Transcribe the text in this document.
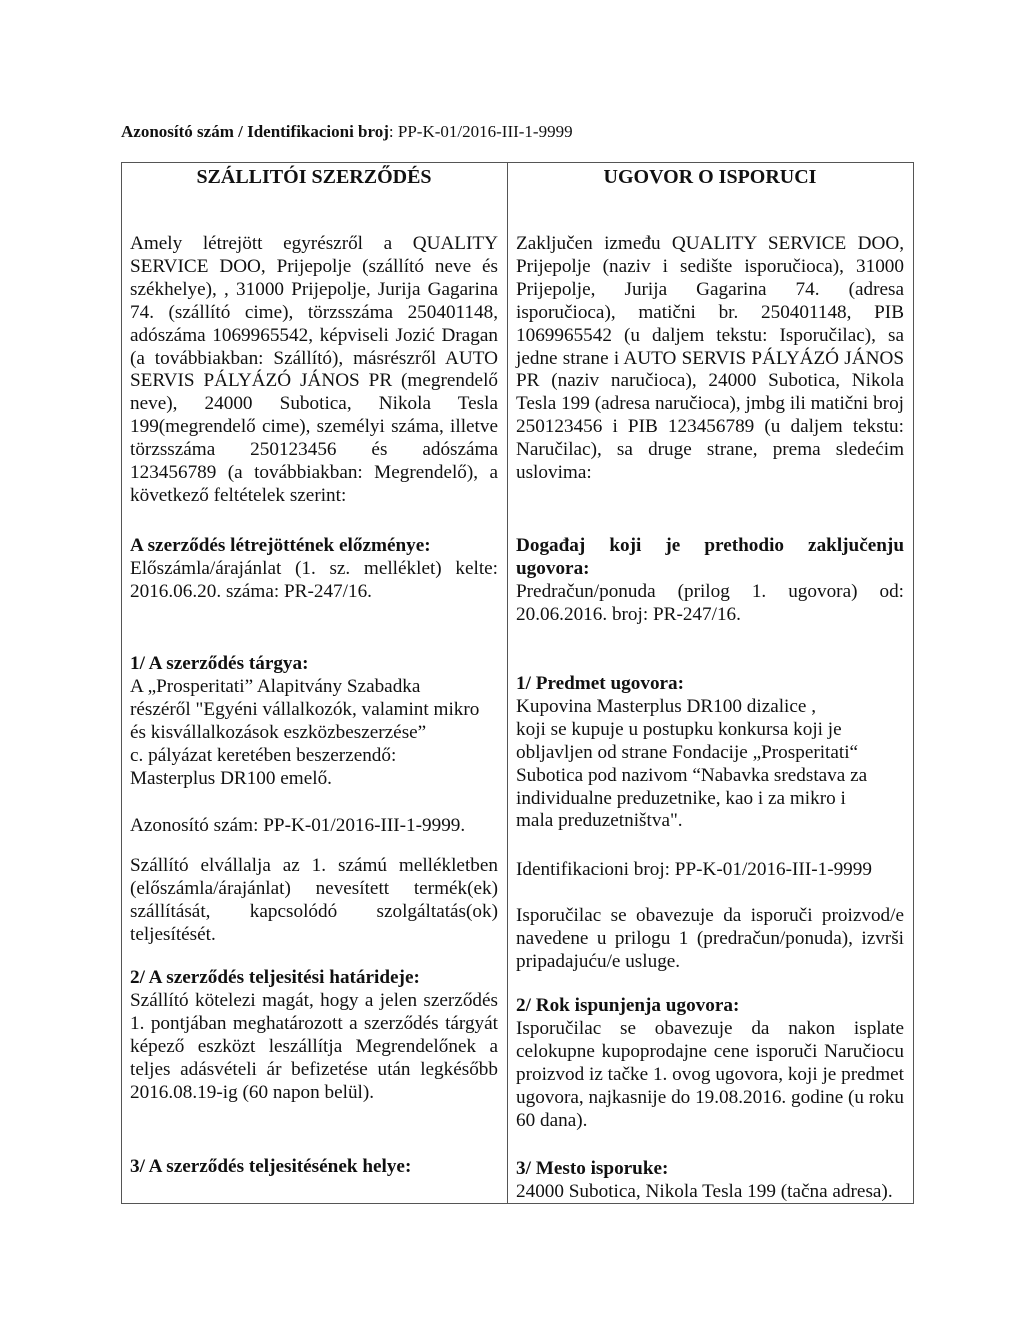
Azonosító szám / Identifikacioni broj: PP-K-01/2016-III-1-9999
SZÁLLITÓI SZERZŐDÉS

Amely létrejött egyrészről a QUALITY SERVICE DOO, Prijepolje (szállító neve és székhelye), , 31000 Prijepolje, Jurija Gagarina 74. (szállító cime), törzsszáma 250401148, adószáma 1069965542, képviseli Jozić Dragan (a továbbiakban: Szállító), másrészről AUTO SERVIS PÁLYÁZÓ JÁNOS PR (megrendelő neve), 24000 Subotica, Nikola Tesla 199(megrendelő cime), személyi száma, illetve törzsszáma 250123456 és adószáma 123456789 (a továbbiakban: Megrendelő), a következő feltételek szerint:

A szerződés létrejöttének előzménye:

Előszámla/árajánlat (1. sz. melléklet) kelte: 2016.06.20. száma: PR-247/16.

1/ A szerződés tárgya:

A „Prosperitati” Alapitvány Szabadka
részéről "Egyéni vállalkozók, valamint mikro
és kisvállalkozások eszközbeszerzése”
c. pályázat keretében beszerzendő:
Masterplus DR100 emelő.

Azonosító szám: PP-K-01/2016-III-1-9999.

Szállító elvállalja az 1. számú mellékletben (előszámla/árajánlat) nevesített termék(ek) szállítását, kapcsolódó szolgáltatás(ok) teljesítését.

2/ A szerződés teljesitési határideje:

Szállító kötelezi magát, hogy a jelen szerződés 1. pontjában meghatározott a szerződés tárgyát képező eszközt leszállítja Megrendelőnek a teljes adásvételi ár befizetése után legkésőbb 2016.08.19-ig (60 napon belül).

3/ A szerződés teljesitésének helye:

UGOVOR O ISPORUCI

Zaključen između QUALITY SERVICE DOO, Prijepolje (naziv i sedište isporučioca), 31000 Prijepolje, Jurija Gagarina 74. (adresa isporučioca), matični br. 250401148, PIB 1069965542 (u daljem tekstu: Isporučilac), sa jedne strane i AUTO SERVIS PÁLYÁZÓ JÁNOS PR (naziv naručioca), 24000 Subotica, Nikola Tesla 199 (adresa naručioca), jmbg ili matični broj 250123456 i PIB 123456789 (u daljem tekstu: Naručilac), sa druge strane, prema sledećim uslovima:

Događaj koji je prethodio zaključenju ugovora:

Predračun/ponuda (prilog 1. ugovora) od: 20.06.2016. broj: PR-247/16.

1/ Predmet ugovora:

Kupovina Masterplus DR100 dizalice ,
koji se kupuje u postupku konkursa koji je
obljavljen od strane Fondacije „Prosperitati“
Subotica pod nazivom “Nabavka sredstava za
individualne preduzetnike, kao i za mikro i
mala preduzetništva".

Identifikacioni broj: PP-K-01/2016-III-1-9999

Isporučilac se obavezuje da isporuči proizvod/e navedene u prilogu 1 (predračun/ponuda), izvrši pripadajuću/e usluge.

2/ Rok ispunjenja ugovora:

Isporučilac se obavezuje da nakon isplate celokupne kupoprodajne cene isporuči Naručiocu proizvod iz tačke 1. ovog ugovora, koji je predmet ugovora, najkasnije do 19.08.2016. godine (u roku 60 dana).

3/ Mesto isporuke:

24000 Subotica, Nikola Tesla 199 (tačna adresa).
